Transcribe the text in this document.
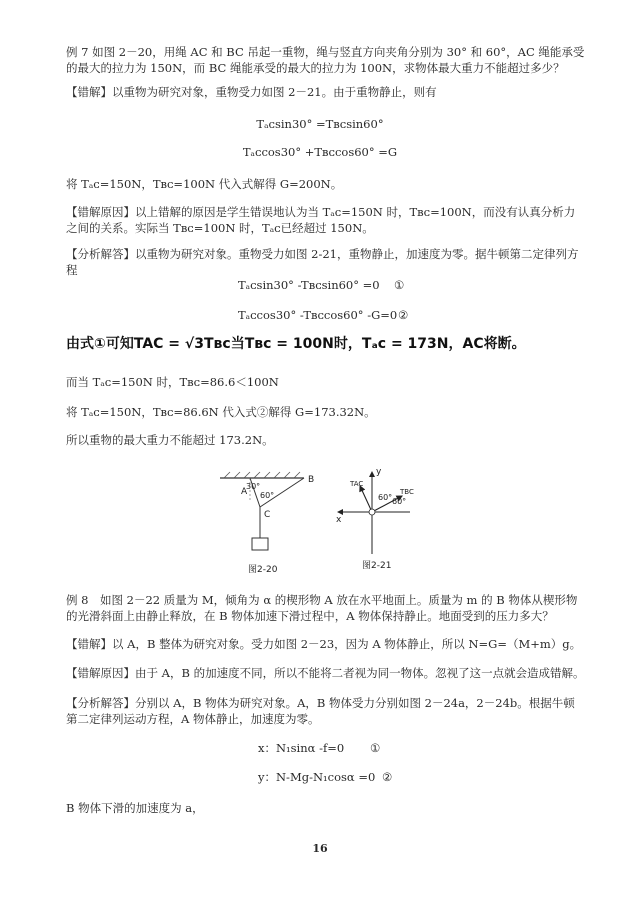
例 7 如图 2－20，用绳 AC 和 BC 吊起一重物，绳与竖直方向夹角分别为 30° 和 60°，AC 绳能承受的最大的拉力为 150N，而 BC 绳能承受的最大的拉力为 100N，求物体最大重力不能超过多少？
【错解】以重物为研究对象，重物受力如图 2－21。由于重物静止，则有
Tₐᴄsin30° =Tʙᴄsin60°
Tₐᴄcos30° +Tʙᴄcos60° =G
将 Tₐᴄ=150N，Tʙᴄ=100N 代入式解得 G=200N。
【错解原因】以上错解的原因是学生错误地认为当 Tₐᴄ=150N 时，Tʙᴄ=100N，而没有认真分析力之间的关系。实际当 Tʙᴄ=100N 时，Tₐᴄ已经超过 150N。
【分析解答】以重物为研究对象。重物受力如图 2-21，重物静止，加速度为零。据牛顿第二定律列方程
Tₐᴄsin30° -Tʙᴄsin60° =0 ①
Tₐᴄcos30° -Tʙᴄcos60° -G=0 ②
由式①可知TAC = √3Tʙᴄ当Tʙᴄ = 100N时，Tₐᴄ = 173N，AC将断。
而当 Tₐᴄ=150N 时，Tʙᴄ=86.6＜100N
将 Tₐᴄ=150N，Tʙᴄ=86.6N 代入式②解得 G=173.32N。
所以重物的最大重力不能超过 173.2N。
A
B
C
30°
60°
图2-20
y
x
TAC
TBC
60° 60°
图2-21
例 8　如图 2－22 质量为 M，倾角为 α 的楔形物 A 放在水平地面上。质量为 m 的 B 物体从楔形物的光滑斜面上由静止释放，在 B 物体加速下滑过程中，A 物体保持静止。地面受到的压力多大？
【错解】以 A，B 整体为研究对象。受力如图 2－23，因为 A 物体静止，所以 N=G=（M+m）g。
【错解原因】由于 A，B 的加速度不同，所以不能将二者视为同一物体。忽视了这一点就会造成错解。
【分析解答】分别以 A，B 物体为研究对象。A，B 物体受力分别如图 2－24a，2－24b。根据牛顿第二定律列运动方程，A 物体静止，加速度为零。
x：N₁sinα -f=0 ①
y：N-Mg-N₁cosα =0 ②
B 物体下滑的加速度为 a，
16
